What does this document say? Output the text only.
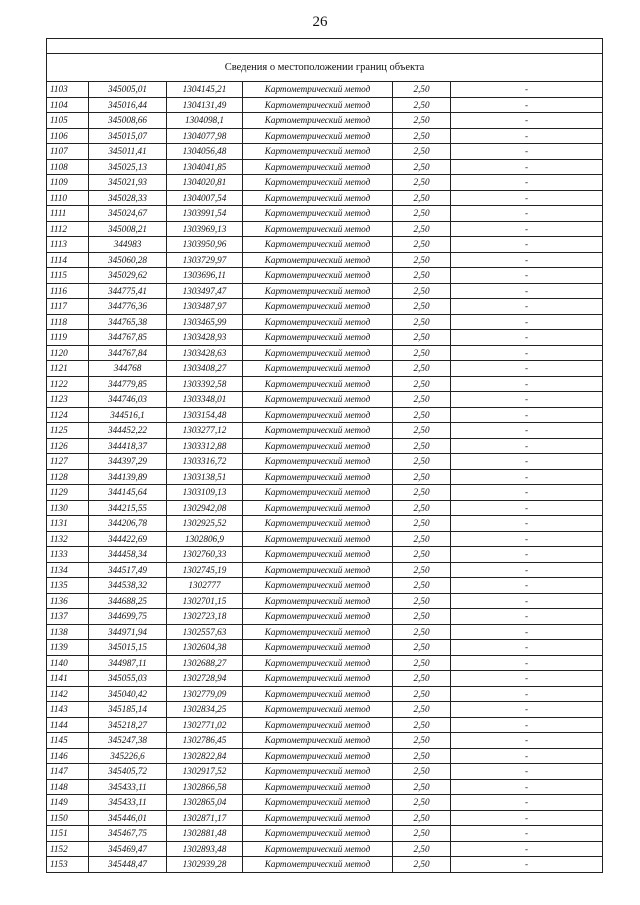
26

Сведения о местоположении границ объекта					
1103	345005,01	1304145,21	Картометрический метод	2,50	-
1104	345016,44	1304131,49	Картометрический метод	2,50	-
1105	345008,66	1304098,1	Картометрический метод	2,50	-
1106	345015,07	1304077,98	Картометрический метод	2,50	-
1107	345011,41	1304056,48	Картометрический метод	2,50	-
1108	345025,13	1304041,85	Картометрический метод	2,50	-
1109	345021,93	1304020,81	Картометрический метод	2,50	-
1110	345028,33	1304007,54	Картометрический метод	2,50	-
1111	345024,67	1303991,54	Картометрический метод	2,50	-
1112	345008,21	1303969,13	Картометрический метод	2,50	-
1113	344983	1303950,96	Картометрический метод	2,50	-
1114	345060,28	1303729,97	Картометрический метод	2,50	-
1115	345029,62	1303696,11	Картометрический метод	2,50	-
1116	344775,41	1303497,47	Картометрический метод	2,50	-
1117	344776,36	1303487,97	Картометрический метод	2,50	-
1118	344765,38	1303465,99	Картометрический метод	2,50	-
1119	344767,85	1303428,93	Картометрический метод	2,50	-
1120	344767,84	1303428,63	Картометрический метод	2,50	-
1121	344768	1303408,27	Картометрический метод	2,50	-
1122	344779,85	1303392,58	Картометрический метод	2,50	-
1123	344746,03	1303348,01	Картометрический метод	2,50	-
1124	344516,1	1303154,48	Картометрический метод	2,50	-
1125	344452,22	1303277,12	Картометрический метод	2,50	-
1126	344418,37	1303312,88	Картометрический метод	2,50	-
1127	344397,29	1303316,72	Картометрический метод	2,50	-
1128	344139,89	1303138,51	Картометрический метод	2,50	-
1129	344145,64	1303109,13	Картометрический метод	2,50	-
1130	344215,55	1302942,08	Картометрический метод	2,50	-
1131	344206,78	1302925,52	Картометрический метод	2,50	-
1132	344422,69	1302806,9	Картометрический метод	2,50	-
1133	344458,34	1302760,33	Картометрический метод	2,50	-
1134	344517,49	1302745,19	Картометрический метод	2,50	-
1135	344538,32	1302777	Картометрический метод	2,50	-
1136	344688,25	1302701,15	Картометрический метод	2,50	-
1137	344699,75	1302723,18	Картометрический метод	2,50	-
1138	344971,94	1302557,63	Картометрический метод	2,50	-
1139	345015,15	1302604,38	Картометрический метод	2,50	-
1140	344987,11	1302688,27	Картометрический метод	2,50	-
1141	345055,03	1302728,94	Картометрический метод	2,50	-
1142	345040,42	1302779,09	Картометрический метод	2,50	-
1143	345185,14	1302834,25	Картометрический метод	2,50	-
1144	345218,27	1302771,02	Картометрический метод	2,50	-
1145	345247,38	1302786,45	Картометрический метод	2,50	-
1146	345226,6	1302822,84	Картометрический метод	2,50	-
1147	345405,72	1302917,52	Картометрический метод	2,50	-
1148	345433,11	1302866,58	Картометрический метод	2,50	-
1149	345433,11	1302865,04	Картометрический метод	2,50	-
1150	345446,01	1302871,17	Картометрический метод	2,50	-
1151	345467,75	1302881,48	Картометрический метод	2,50	-
1152	345469,47	1302893,48	Картометрический метод	2,50	-
1153	345448,47	1302939,28	Картометрический метод	2,50	-
